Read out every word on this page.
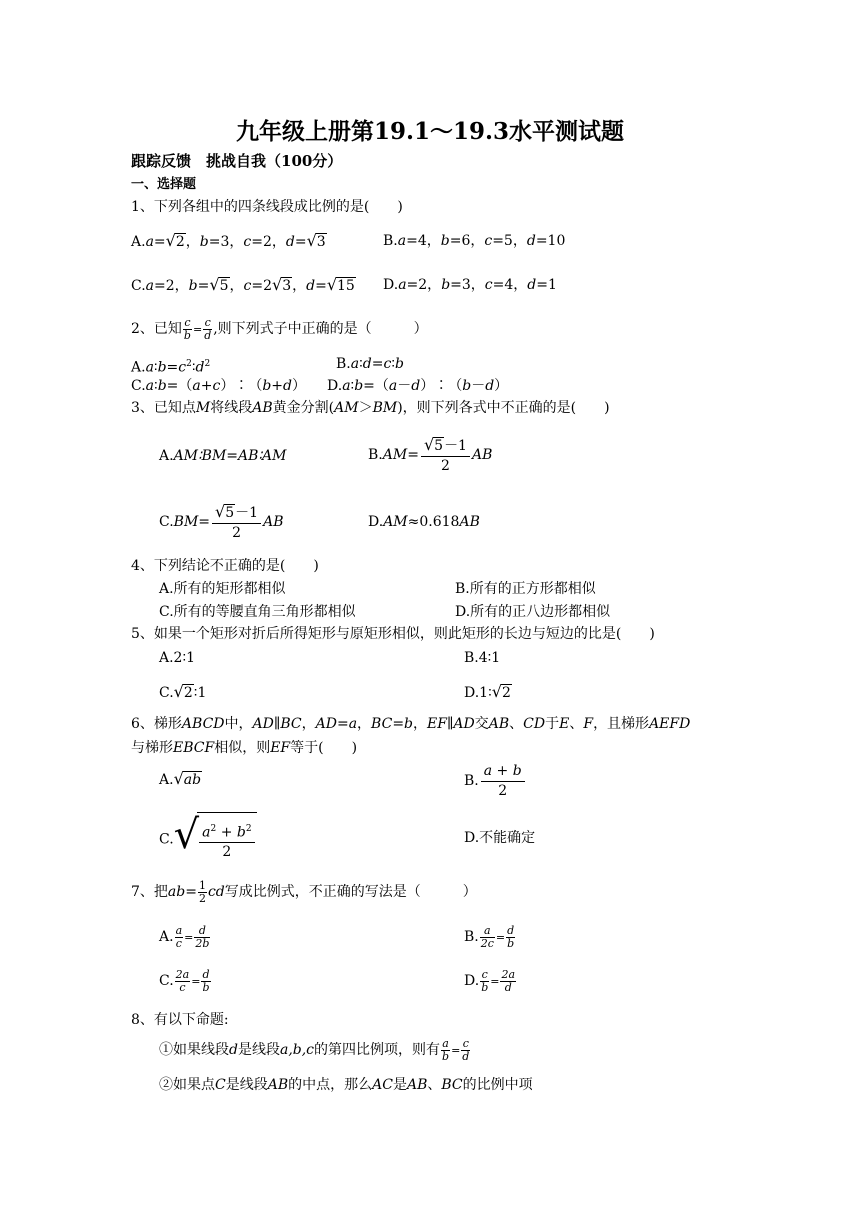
九年级上册第19.1～19.3水平测试题
跟踪反馈　挑战自我（100分）
一、选择题
1、下列各组中的四条线段成比例的是(　　)
A.a=√2，b=3，c=2，d=√3	B.a=4，b=6，c=5，d=10
C.a=2，b=√5，c=2√3，d=√15 D.a=2，b=3，c=4，d=1
2、已知 $\frac{c}{b} = \frac{c}{d}$ ,则下列式子中正确的是（　　　）
$A.a∶b=c^2∶d^2$	B.a∶d=c∶b
C.a∶b=（a+c）∶（b+d） D.a∶b=（a－d）∶（b－d）
3、已知点M将线段AB黄金分割(AM＞BM)，则下列各式中不正确的是(　　)
A.AM∶BM=AB∶AM	$B.AM= \frac{√5-1}{2}$ AB
$C.BM= \frac{√5-1}{2}$ AB	D.AM≈0.618AB
4、下列结论不正确的是(　　)
A.所有的矩形都相似	B.所有的正方形都相似
C.所有的等腰直角三角形都相似	D.所有的正八边形都相似
5、如果一个矩形对折后所得矩形与原矩形相似，则此矩形的长边与短边的比是(　　)
A.2∶1	B.4∶1
C.√2∶1	D.1∶√2
6、梯形ABCD中，AD∥BC，AD=a，BC=b，EF∥AD交AB、CD于E、F，且梯形AEFD
与梯形EBCF相似，则EF等于(　　)
A.√ab	B. $\frac{a + b}{2}$
C. √ $\frac{a^2 + b^2}{2}$	D.不能确定
7、把$ab= \frac{1}{2}$ cd写成比例式，不正确的写法是（　　　）
A. $\frac{a}{c} = \frac{d}{2b}$	B. $\frac{a}{2c} = \frac{d}{b}$
C. $\frac{2a}{c} = \frac{d}{b}$	D. $\frac{c}{b} = \frac{2a}{d}$
8、有以下命题:
①如果线段d是线段a,b,c的第四比例项，则有 $\frac{a}{b} = \frac{c}{d}$
②如果点C是线段AB的中点，那么AC是AB、BC的比例中项
